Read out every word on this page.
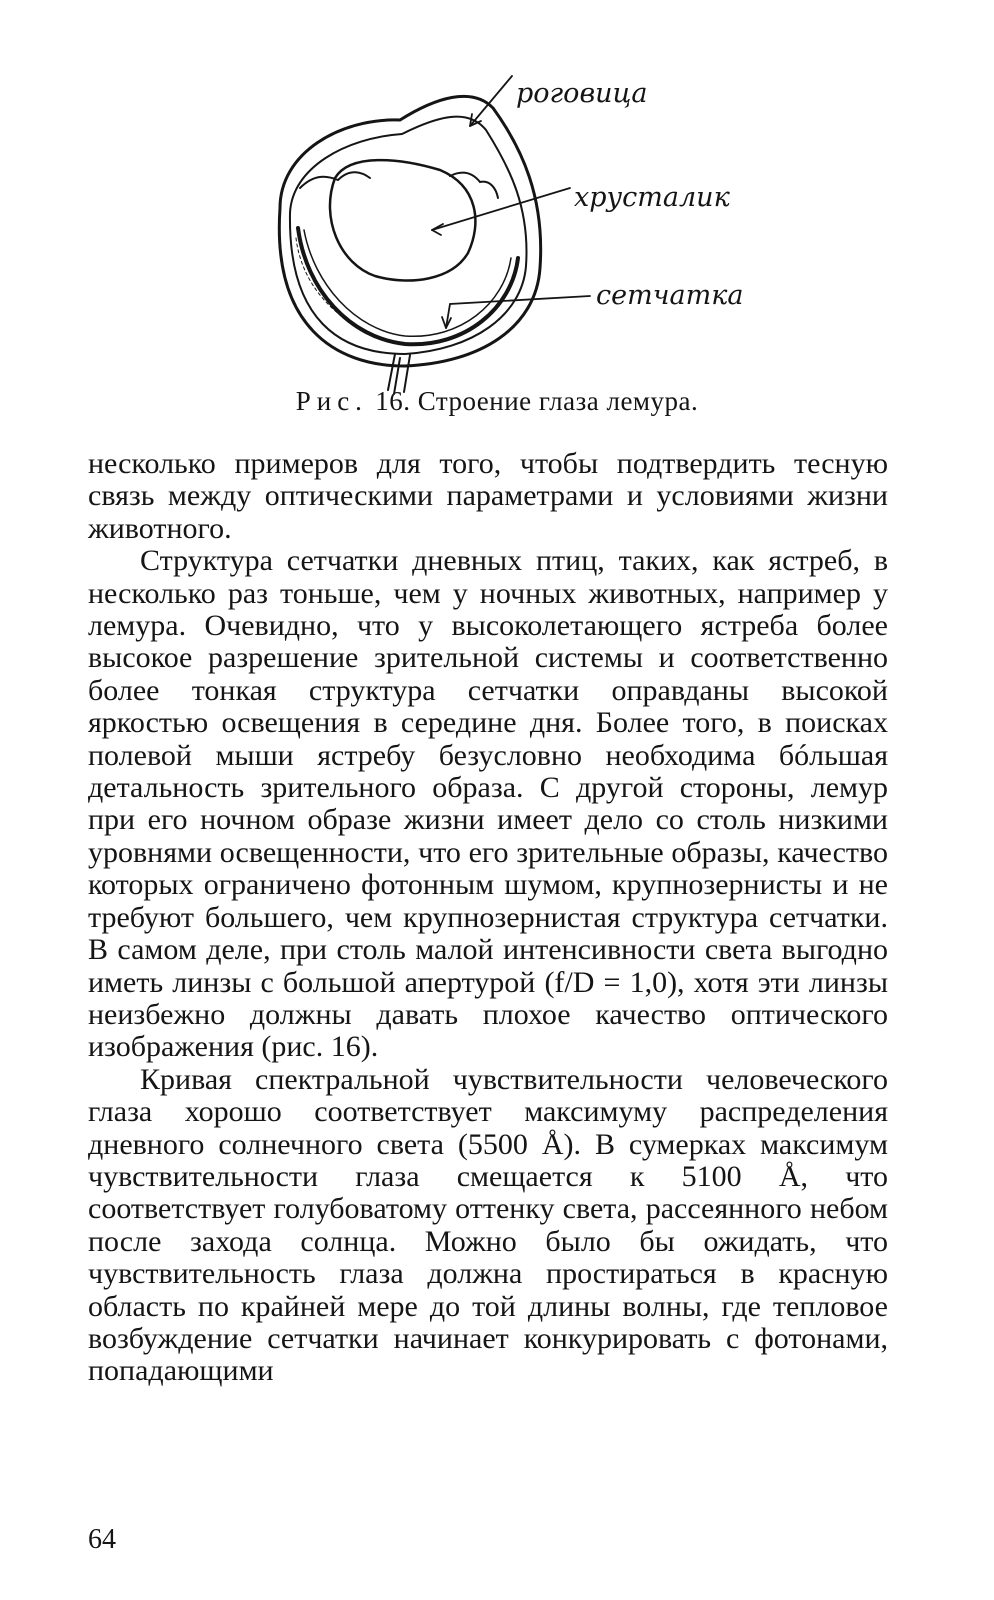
роговица
хрусталик
сетчатка
Рис. 16. Строение глаза лемура.

несколько примеров для того, чтобы подтвердить тесную связь между оптическими параметрами и условиями жизни животного.

Структура сетчатки дневных птиц, таких, как ястреб, в несколько раз тоньше, чем у ночных животных, например у лемура. Очевидно, что у высоколетающего ястреба более высокое разрешение зрительной системы и соответственно более тонкая структура сетчатки оправданы высокой яркостью освещения в середине дня. Более того, в поисках полевой мыши ястребу безусловно необходима бóльшая детальность зрительного образа. С другой стороны, лемур при его ночном образе жизни имеет дело со столь низкими уровнями освещенности, что его зрительные образы, качество которых ограничено фотонным шумом, крупнозернисты и не требуют большего, чем крупнозернистая структура сетчатки. В самом деле, при столь малой интенсивности света выгодно иметь линзы с большой апертурой (f/D = 1,0), хотя эти линзы неизбежно должны давать плохое качество оптического изображения (рис. 16).

Кривая спектральной чувствительности человеческого глаза хорошо соответствует максимуму распределения дневного солнечного света (5500 Å). В сумерках максимум чувствительности глаза смещается к 5100 Å, что соответствует голубоватому оттенку света, рассеянного небом после захода солнца. Можно было бы ожидать, что чувствительность глаза должна простираться в красную область по крайней мере до той длины волны, где тепловое возбуждение сетчатки начинает конкурировать с фотонами, попадающими

64
